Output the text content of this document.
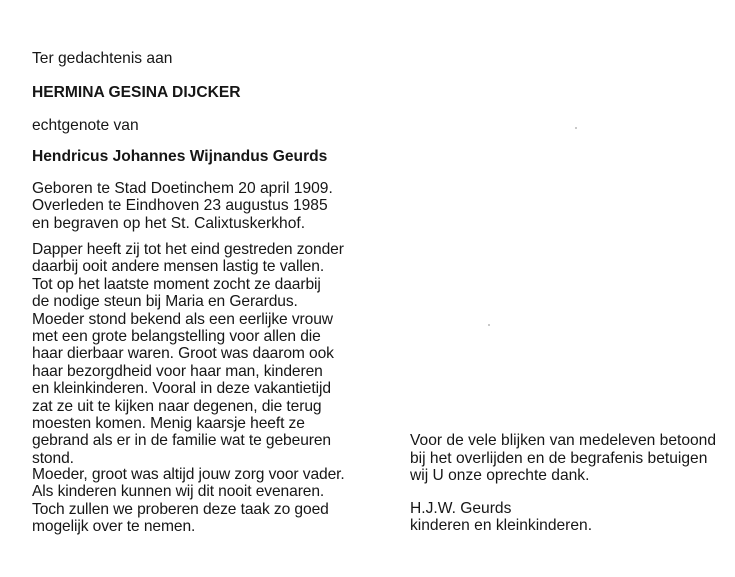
Ter gedachtenis aan
HERMINA GESINA DIJCKER
echtgenote van
Hendricus Johannes Wijnandus Geurds
Geboren te Stad Doetinchem 20 april 1909.
Overleden te Eindhoven 23 augustus 1985
en begraven op het St. Calixtuskerkhof.
Dapper heeft zij tot het eind gestreden zonder
daarbij ooit andere mensen lastig te vallen.
Tot op het laatste moment zocht ze daarbij
de nodige steun bij Maria en Gerardus.
Moeder stond bekend als een eerlijke vrouw
met een grote belangstelling voor allen die
haar dierbaar waren. Groot was daarom ook
haar bezorgdheid voor haar man, kinderen
en kleinkinderen. Vooral in deze vakantietijd
zat ze uit te kijken naar degenen, die terug
moesten komen. Menig kaarsje heeft ze
gebrand als er in de familie wat te gebeuren
stond.
Moeder, groot was altijd jouw zorg voor vader.
Als kinderen kunnen wij dit nooit evenaren.
Toch zullen we proberen deze taak zo goed
mogelijk over te nemen.
Voor de vele blijken van medeleven betoond
bij het overlijden en de begrafenis betuigen
wij U onze oprechte dank.
H.J.W. Geurds
kinderen en kleinkinderen.
